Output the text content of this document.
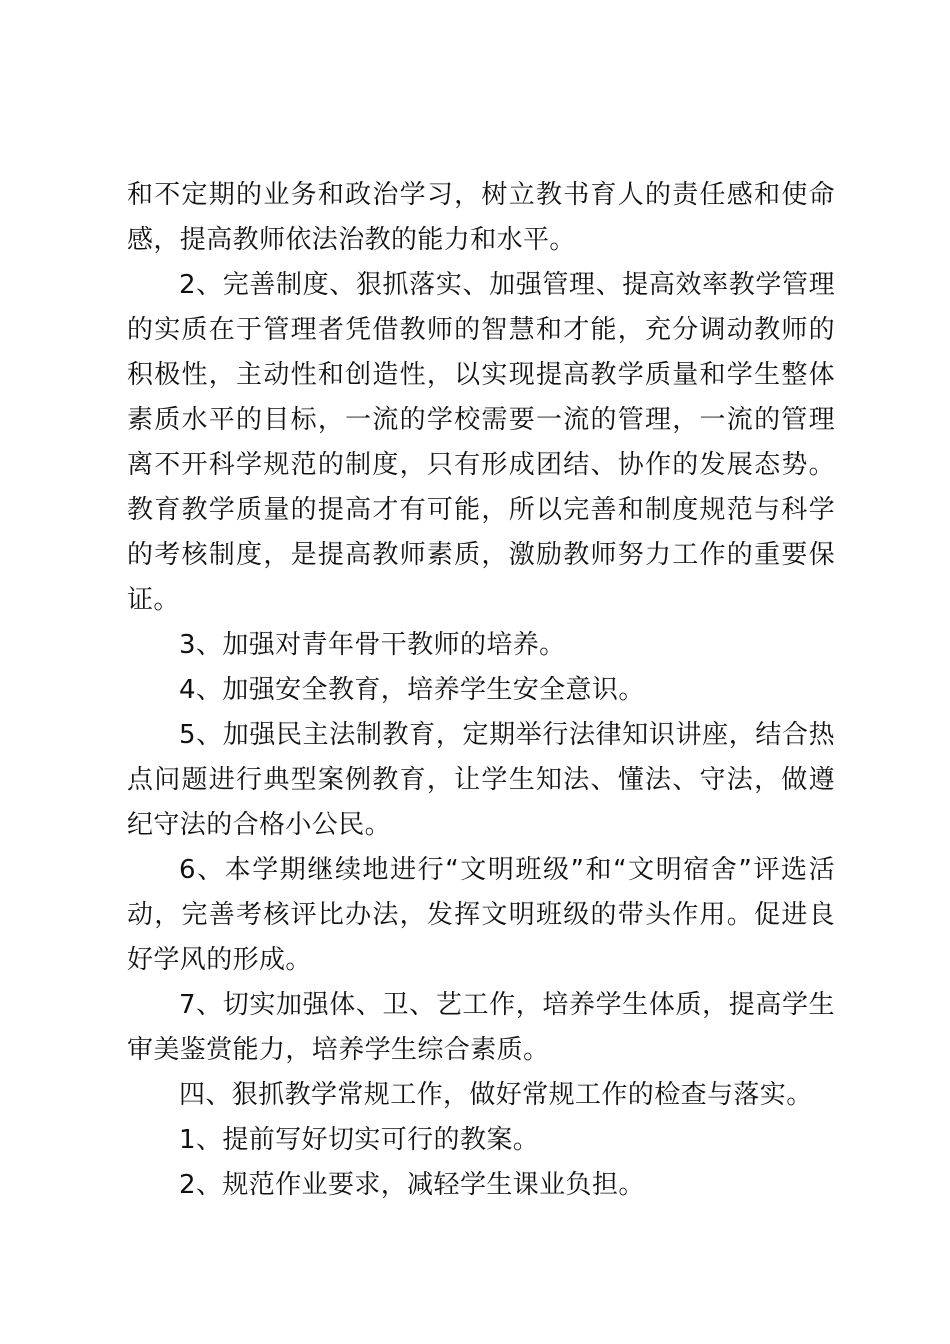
和不定期的业务和政治学习，树立教书育人的责任感和使命感，提高教师依法治教的能力和水平。

2、完善制度、狠抓落实、加强管理、提高效率教学管理的实质在于管理者凭借教师的智慧和才能，充分调动教师的积极性，主动性和创造性，以实现提高教学质量和学生整体素质水平的目标，一流的学校需要一流的管理，一流的管理离不开科学规范的制度，只有形成团结、协作的发展态势。教育教学质量的提高才有可能，所以完善和制度规范与科学的考核制度，是提高教师素质，激励教师努力工作的重要保证。

3、加强对青年骨干教师的培养。

4、加强安全教育，培养学生安全意识。

5、加强民主法制教育，定期举行法律知识讲座，结合热点问题进行典型案例教育，让学生知法、懂法、守法，做遵纪守法的合格小公民。

6、本学期继续地进行“文明班级”和“文明宿舍”评选活动，完善考核评比办法，发挥文明班级的带头作用。促进良好学风的形成。

7、切实加强体、卫、艺工作，培养学生体质，提高学生审美鉴赏能力，培养学生综合素质。

四、狠抓教学常规工作，做好常规工作的检查与落实。

1、提前写好切实可行的教案。

2、规范作业要求，减轻学生课业负担。
